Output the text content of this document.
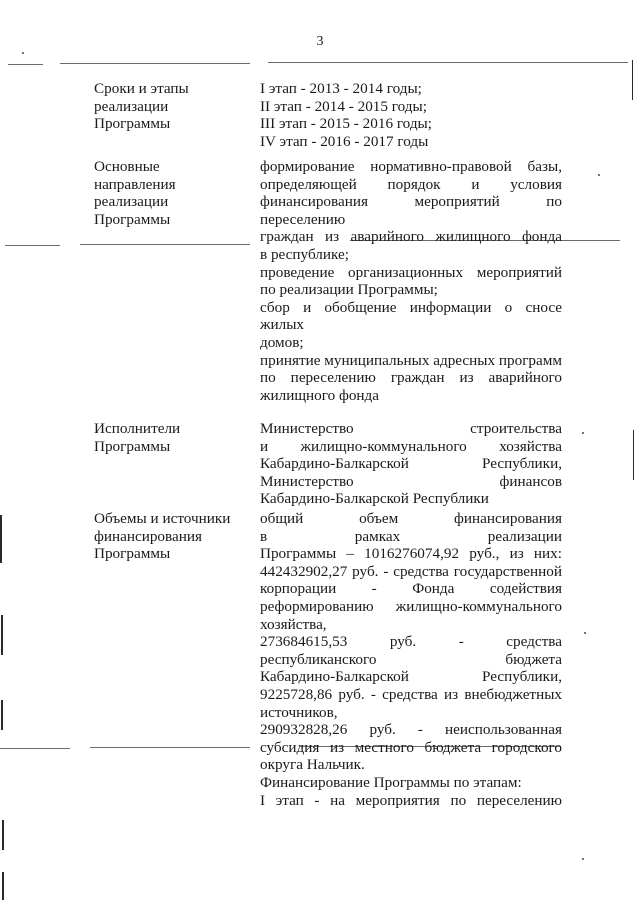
3
Сроки и этапы
реализации
Программы
I этап - 2013 - 2014 годы;
II этап - 2014 - 2015 годы;
III этап - 2015 - 2016 годы;
IV этап - 2016 - 2017 годы
Основные
направления
реализации
Программы
формирование нормативно-правовой базы,
определяющей порядок и условия
финансирования мероприятий по переселению
граждан из аварийного жилищного фонда
в республике;
проведение организационных мероприятий
по реализации Программы;
сбор и обобщение информации о сносе жилых
домов;
принятие муниципальных адресных программ
по переселению граждан из аварийного
жилищного фонда
Исполнители
Программы
Министерство строительства
и жилищно-коммунального хозяйства
Кабардино-Балкарской Республики,
Министерство финансов
Кабардино-Балкарской Республики
Объемы и источники
финансирования
Программы
общий объем финансирования
в рамках реализации
Программы – 1016276074,92 руб., из них:
442432902,27 руб. - средства государственной
корпорации - Фонда содействия
реформированию жилищно-коммунального
хозяйства,
273684615,53 руб. - средства
республиканского бюджета
Кабардино-Балкарской Республики,
9225728,86 руб. - средства из внебюджетных
источников,
290932828,26 руб. - неиспользованная
субсидия из местного бюджета городского
округа Нальчик.
Финансирование Программы по этапам:
I этап - на мероприятия по переселению
